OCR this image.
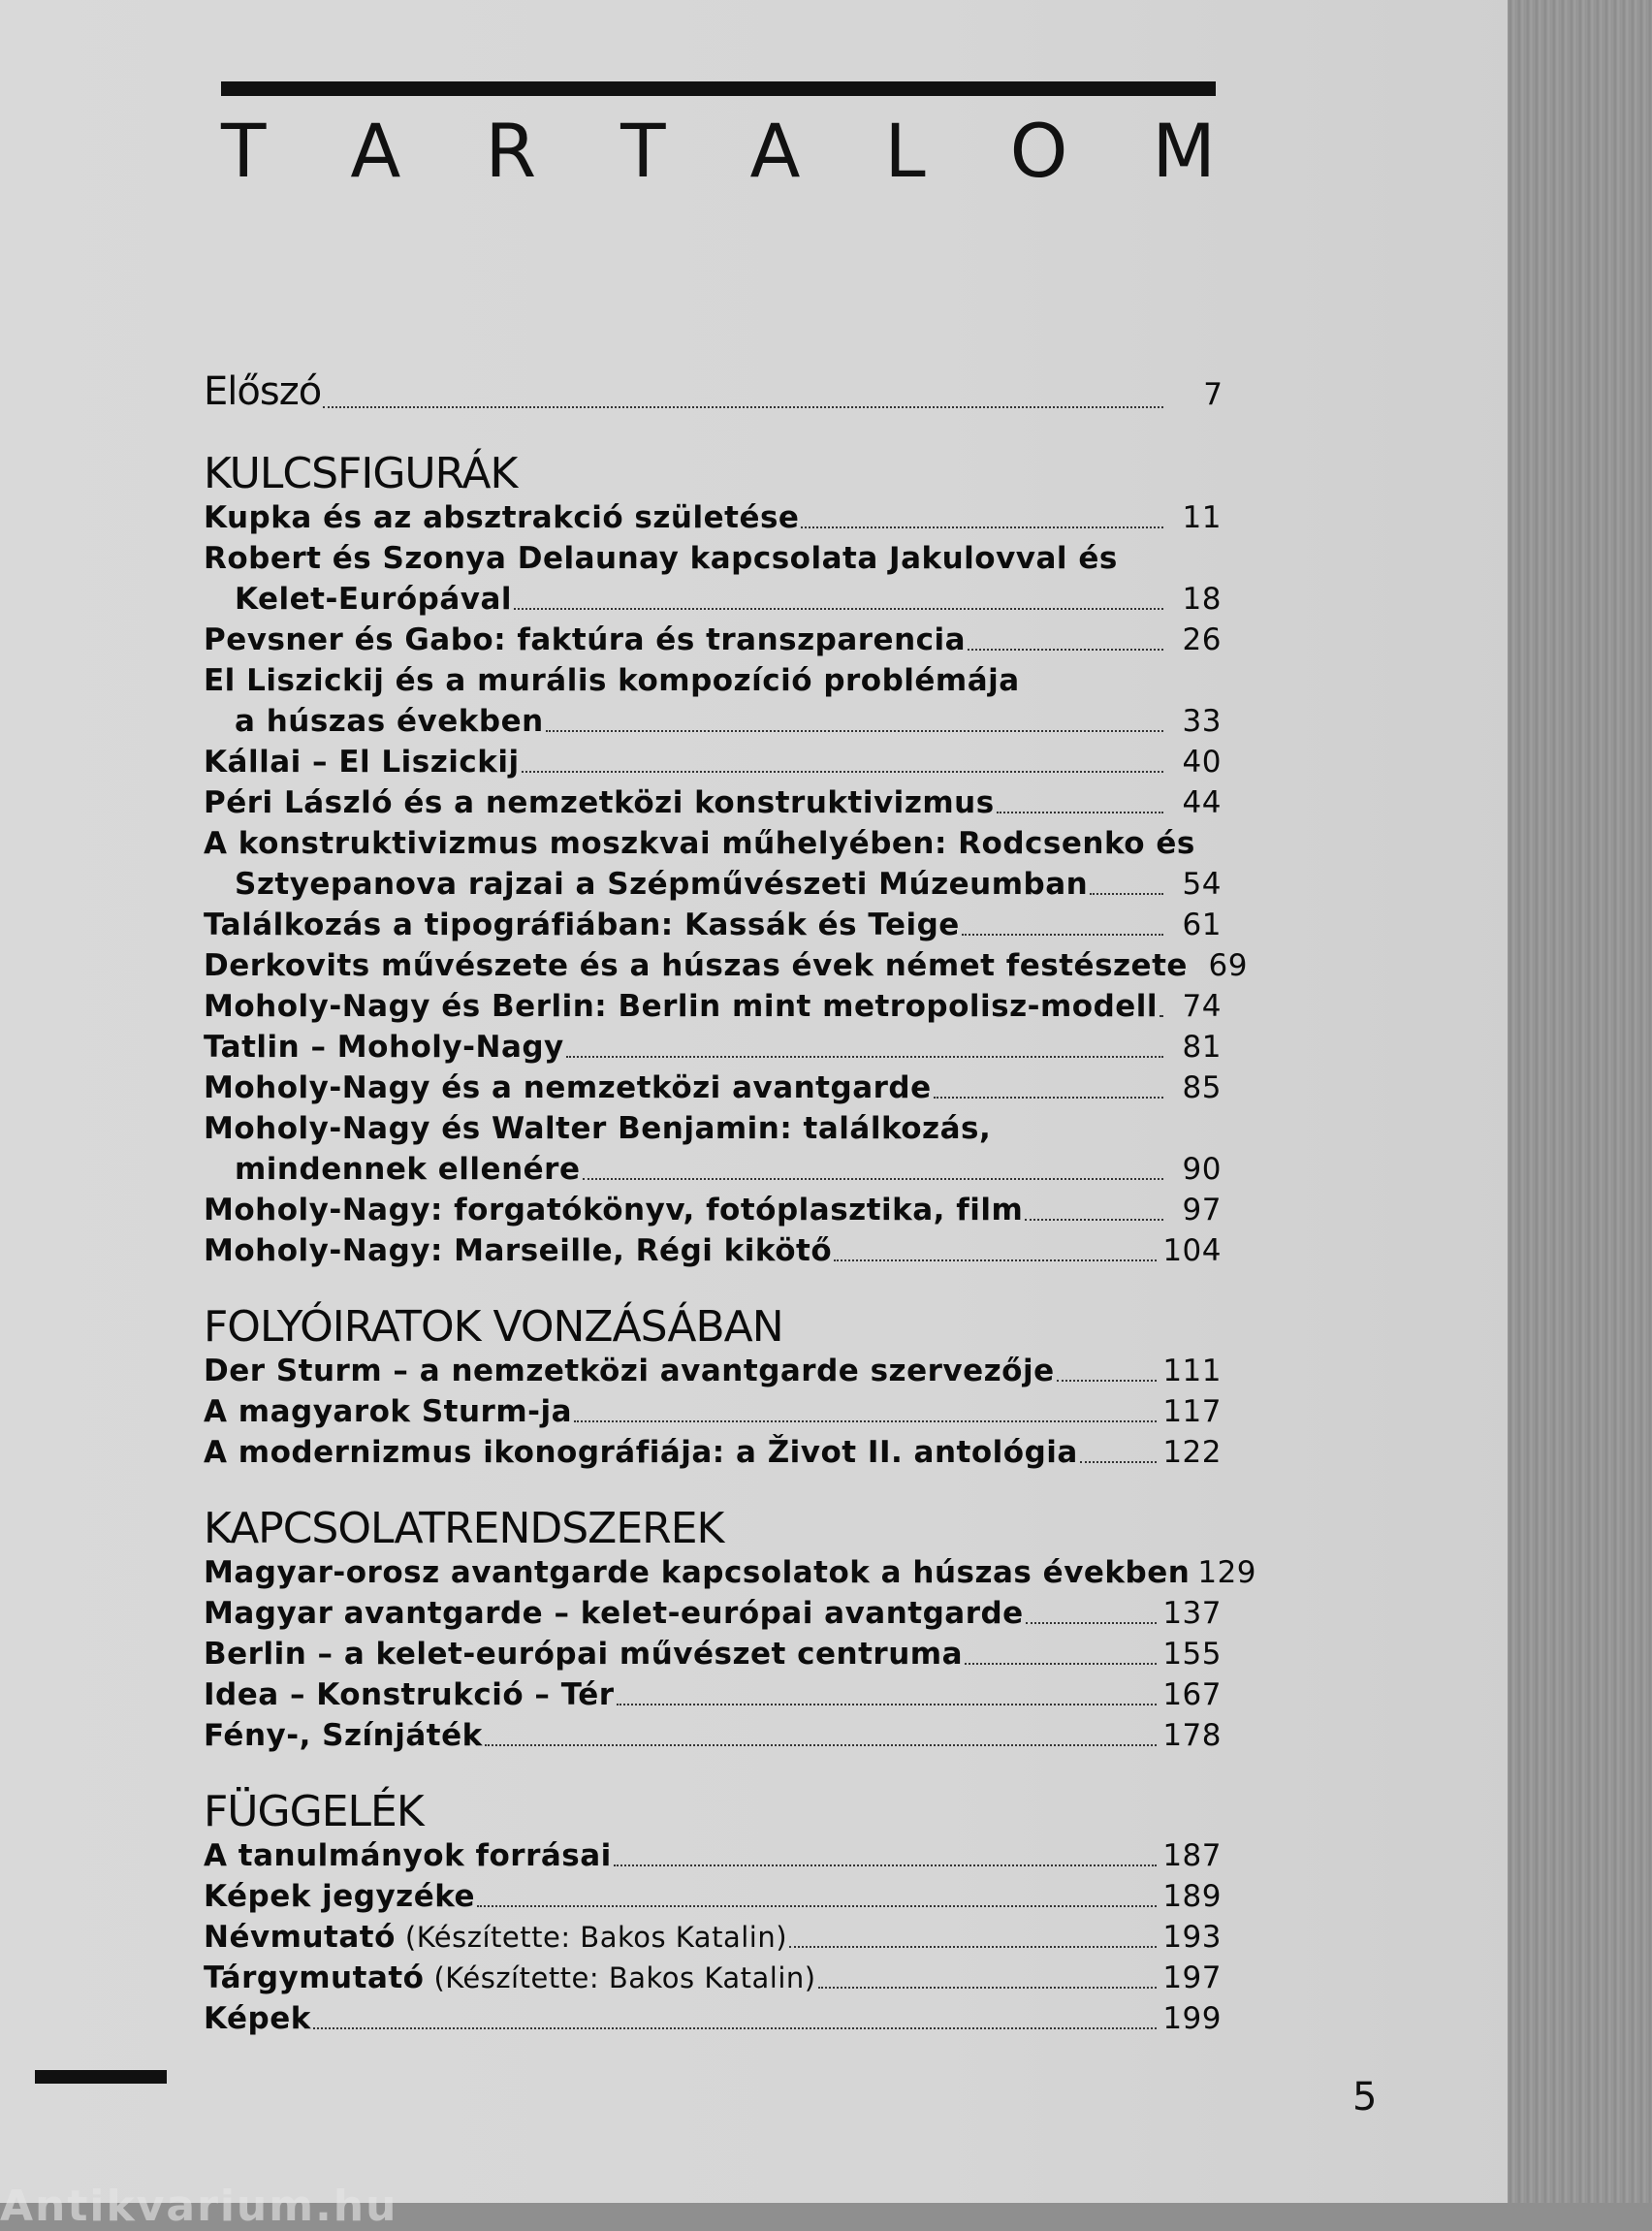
T A R T A L O M
Előszó	7
KULCSFIGURÁK
Kupka és az absztrakció születése	11
Robert és Szonya Delaunay kapcsolata Jakulovval és
Kelet-Európával	18
Pevsner és Gabo: faktúra és transzparencia	26
El Liszickij és a murális kompozíció problémája
a húszas években	33
Kállai – El Liszickij	40
Péri László és a nemzetközi konstruktivizmus	44
A konstruktivizmus moszkvai műhelyében: Rodcsenko és
Sztyepanova rajzai a Szépművészeti Múzeumban	54
Találkozás a tipográfiában: Kassák és Teige	61
Derkovits művészete és a húszas évek német festészete 69
Moholy-Nagy és Berlin: Berlin mint metropolisz-modell 74
Tatlin – Moholy-Nagy	81
Moholy-Nagy és a nemzetközi avantgarde	85
Moholy-Nagy és Walter Benjamin: találkozás,
mindennek ellenére	90
Moholy-Nagy: forgatókönyv, fotóplasztika, film	97
Moholy-Nagy: Marseille, Régi kikötő	104
FOLYÓIRATOK VONZÁSÁBAN
Der Sturm – a nemzetközi avantgarde szervezője	111
A magyarok Sturm-ja	117
A modernizmus ikonográfiája: a Život II. antológia	122
KAPCSOLATRENDSZEREK
Magyar-orosz avantgarde kapcsolatok a húszas években 129
Magyar avantgarde – kelet-európai avantgarde	137
Berlin – a kelet-európai művészet centruma	155
Idea – Konstrukció – Tér	167
Fény-, Színjáték	178
FÜGGELÉK
A tanulmányok forrásai	187
Képek jegyzéke	189
Névmutató (Készítette: Bakos Katalin)	193
Tárgymutató (Készítette: Bakos Katalin)	197
Képek	199
5
Antikvarium.hu
